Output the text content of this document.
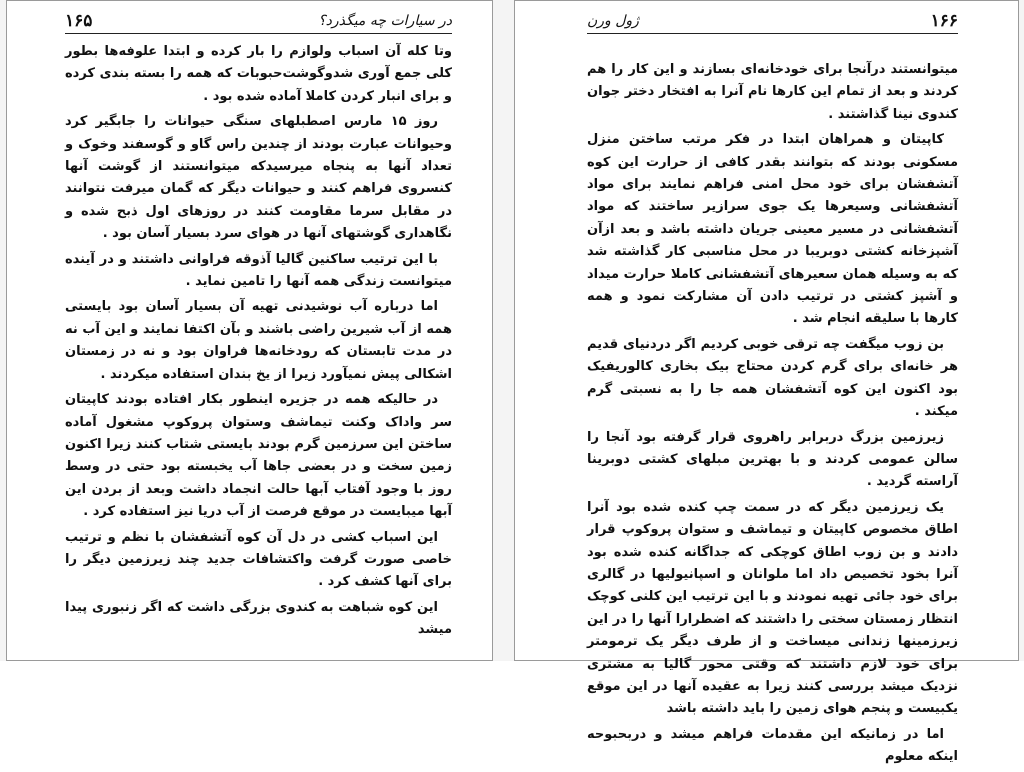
۱۶۵	در سیارات چه میگذرد؟

وتا کله آن اسباب ولوازم را بار کرده و ابتدا علوفه‌ها بطور کلی جمع آوری شدوگوشت‌حبوبات که همه را بسته بندی کرده و برای انبار کردن کاملا آماده شده بود .

روز ۱۵ مارس اصطبلهای سنگی حیوانات را جابگیر کرد وحیوانات عبارت بودند از چندین راس گاو و گوسفند وخوک و تعداد آنها به پنجاه میرسیدکه میتوانستند از گوشت آنها کنسروی فراهم کنند و حیوانات دیگر که گمان میرفت نتوانند در مقابل سرما مقاومت کنند در روزهای اول ذبح شده و نگاهداری گوشتهای آنها در هوای سرد بسیار آسان بود .

با این ترتیب ساکنین گالیا آذوقه فراوانی داشتند و در آینده میتوانست زندگی همه آنها را تامین نماید .

اما درباره آب نوشیدنی تهیه آن بسیار آسان بود بایستی همه از آب شیرین راضی باشند و بآن اکتفا نمایند و این آب نه در مدت تابستان که رودخانه‌ها فراوان بود و نه در زمستان اشکالی پیش نمیآورد زیرا از یخ بندان استفاده میکردند .

در حالیکه همه در جزیره اینطور بکار افتاده بودند کاپیتان سر واداک وکنت تیماشف وستوان پروکوپ مشغول آماده ساختن این سرزمین گرم بودند بایستی شتاب کنند زیرا اکنون زمین سخت و در بعضی جاها آب یخبسته بود حتی در وسط روز با وجود آفتاب آبها حالت انجماد داشت وبعد از بردن این آبها میبایست در موقع فرصت از آب دریا نیز استفاده کرد .

این اسباب کشی در دل آن کوه آتشفشان با نظم و ترتیب خاصی صورت گرفت واکتشافات جدید چند زیرزمین دیگر را برای آنها کشف کرد .

این کوه شباهت به کندوی بزرگی داشت که اگر زنبوری پیدا میشد

۱۶۶
ژول ورن

میتوانستند درآنجا برای خودخانه‌ای بسازند و این کار را هم کردند و بعد از تمام این کارها نام آنرا به افتخار دختر جوان کندوی نینا گذاشتند .

کاپیتان و همراهان ابتدا در فکر مرتب ساختن منزل مسکونی بودند که بتوانند بقدر کافی از حرارت این کوه آتشفشان برای خود محل امنی فراهم نمایند برای مواد آتشفشانی وسیعرها یک جوی سرازیر ساختند که مواد آتشفشانی در مسیر معینی جریان داشته باشد و بعد ازآن آشپزخانه کشتی دوبریبا در محل مناسبی کار گذاشته شد که به وسیله همان سعیرهای آتشفشانی کاملا حرارت میداد و آشپز کشتی در ترتیب دادن آن مشارکت نمود و همه کارها با سلیقه انجام شد .

بن زوب میگفت چه ترقی خوبی کردیم اگر دردنیای قدیم هر خانه‌ای برای گرم کردن محتاج بیک بخاری کالوریفیک بود اکنون این کوه آتشفشان همه جا را به نسبتی گرم میکند .

زیرزمین بزرگ دربرابر راهروی قرار گرفته بود آنجا را سالن عمومی کردند و با بهترین مبلهای کشتی دوبرینا آراسته گردید .

یک زیرزمین دیگر که در سمت چپ کنده شده بود آنرا اطاق مخصوص کاپیتان و تیماشف و ستوان پروکوپ قرار دادند و بن زوب اطاق کوچکی که جداگانه کنده شده بود آنرا بخود تخصیص داد اما ملوانان و اسپانیولیها در گالری برای خود جائی تهیه نمودند و با این ترتیب این کلنی کوچک انتظار زمستان سختی را داشتند که اضطرارا آنها را در این زیرزمینها زندانی میساخت و از طرف دیگر یک ترمومتر برای خود لازم داشتند که وقتی محور گالیا به مشتری نزدیک میشد بررسی کنند زیرا به عقیده آنها در این موقع یکبیست و پنجم هوای زمین را باید داشته باشد

اما در زمانیکه این مقدمات فراهم میشد و دربحبوحه اینکه معلوم
